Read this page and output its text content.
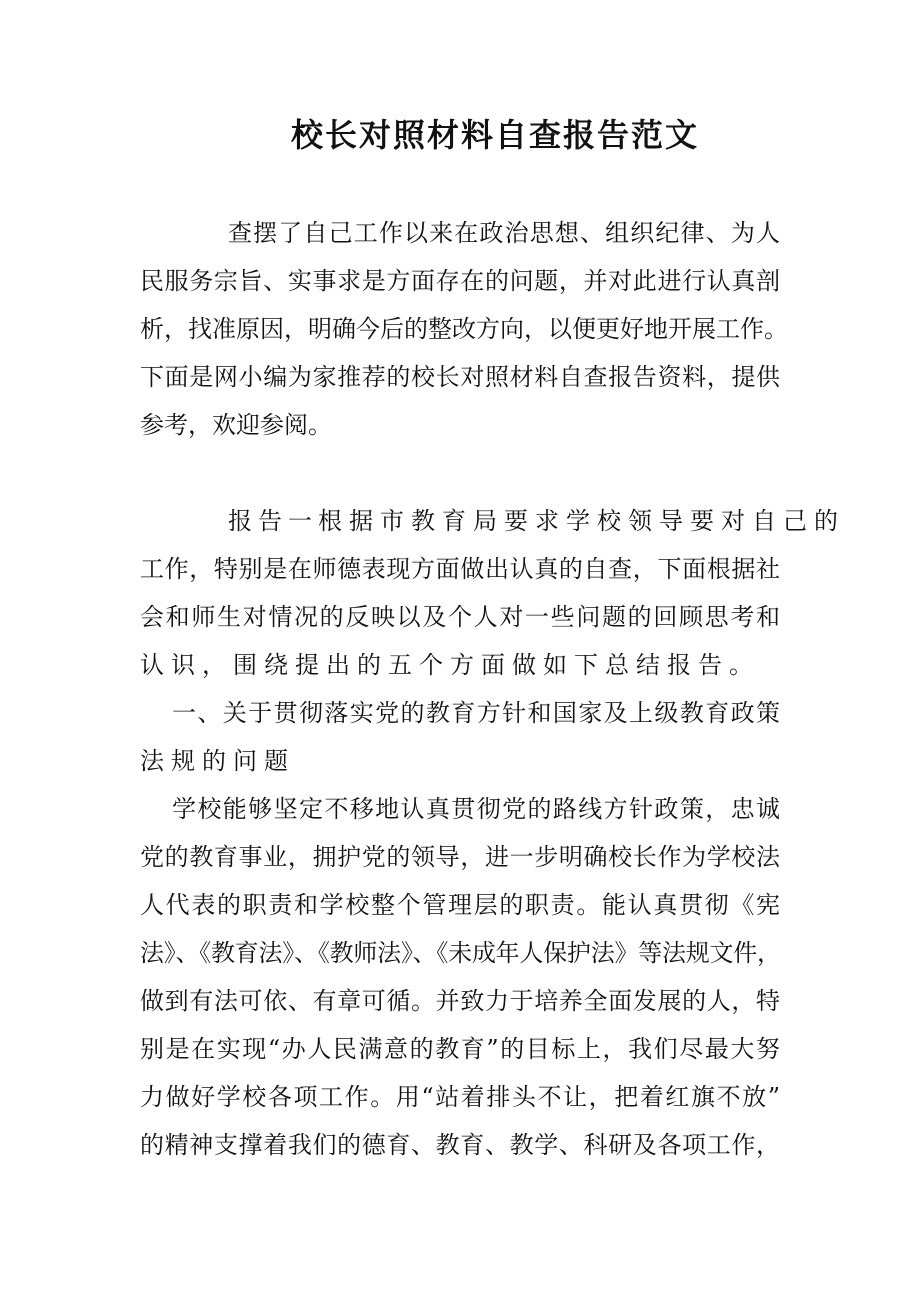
校长对照材料自查报告范文
查摆了自己工作以来在政治思想、组织纪律、为人
民服务宗旨、实事求是方面存在的问题，并对此进行认真剖
析，找准原因，明确今后的整改方向，以便更好地开展工作。
下面是网小编为家推荐的校长对照材料自查报告资料，提供
参考，欢迎参阅。
报告一 根据市教育局要求学校领导要对自己的
工作，特别是在师德表现方面做出认真的自查，下面根据社
会和师生对情况的反映以及个人对一些问题的回顾思考和
认识，围绕提出的五个方面做如下总结报告。
一、关于贯彻落实党的教育方针和国家及上级教育政策
法规的问题
学校能够坚定不移地认真贯彻党的路线方针政策，忠诚
党的教育事业，拥护党的领导，进一步明确校长作为学校法
人代表的职责和学校整个管理层的职责。能认真贯彻《宪
法》、《教育法》、《教师法》、《未成年人保护法》等法规文件，
做到有法可依、有章可循。并致力于培养全面发展的人，特
别是在实现“办人民满意的教育”的目标上，我们尽最大努
力做好学校各项工作。用“站着排头不让，把着红旗不放”
的精神支撑着我们的德育、教育、教学、科研及各项工作，
